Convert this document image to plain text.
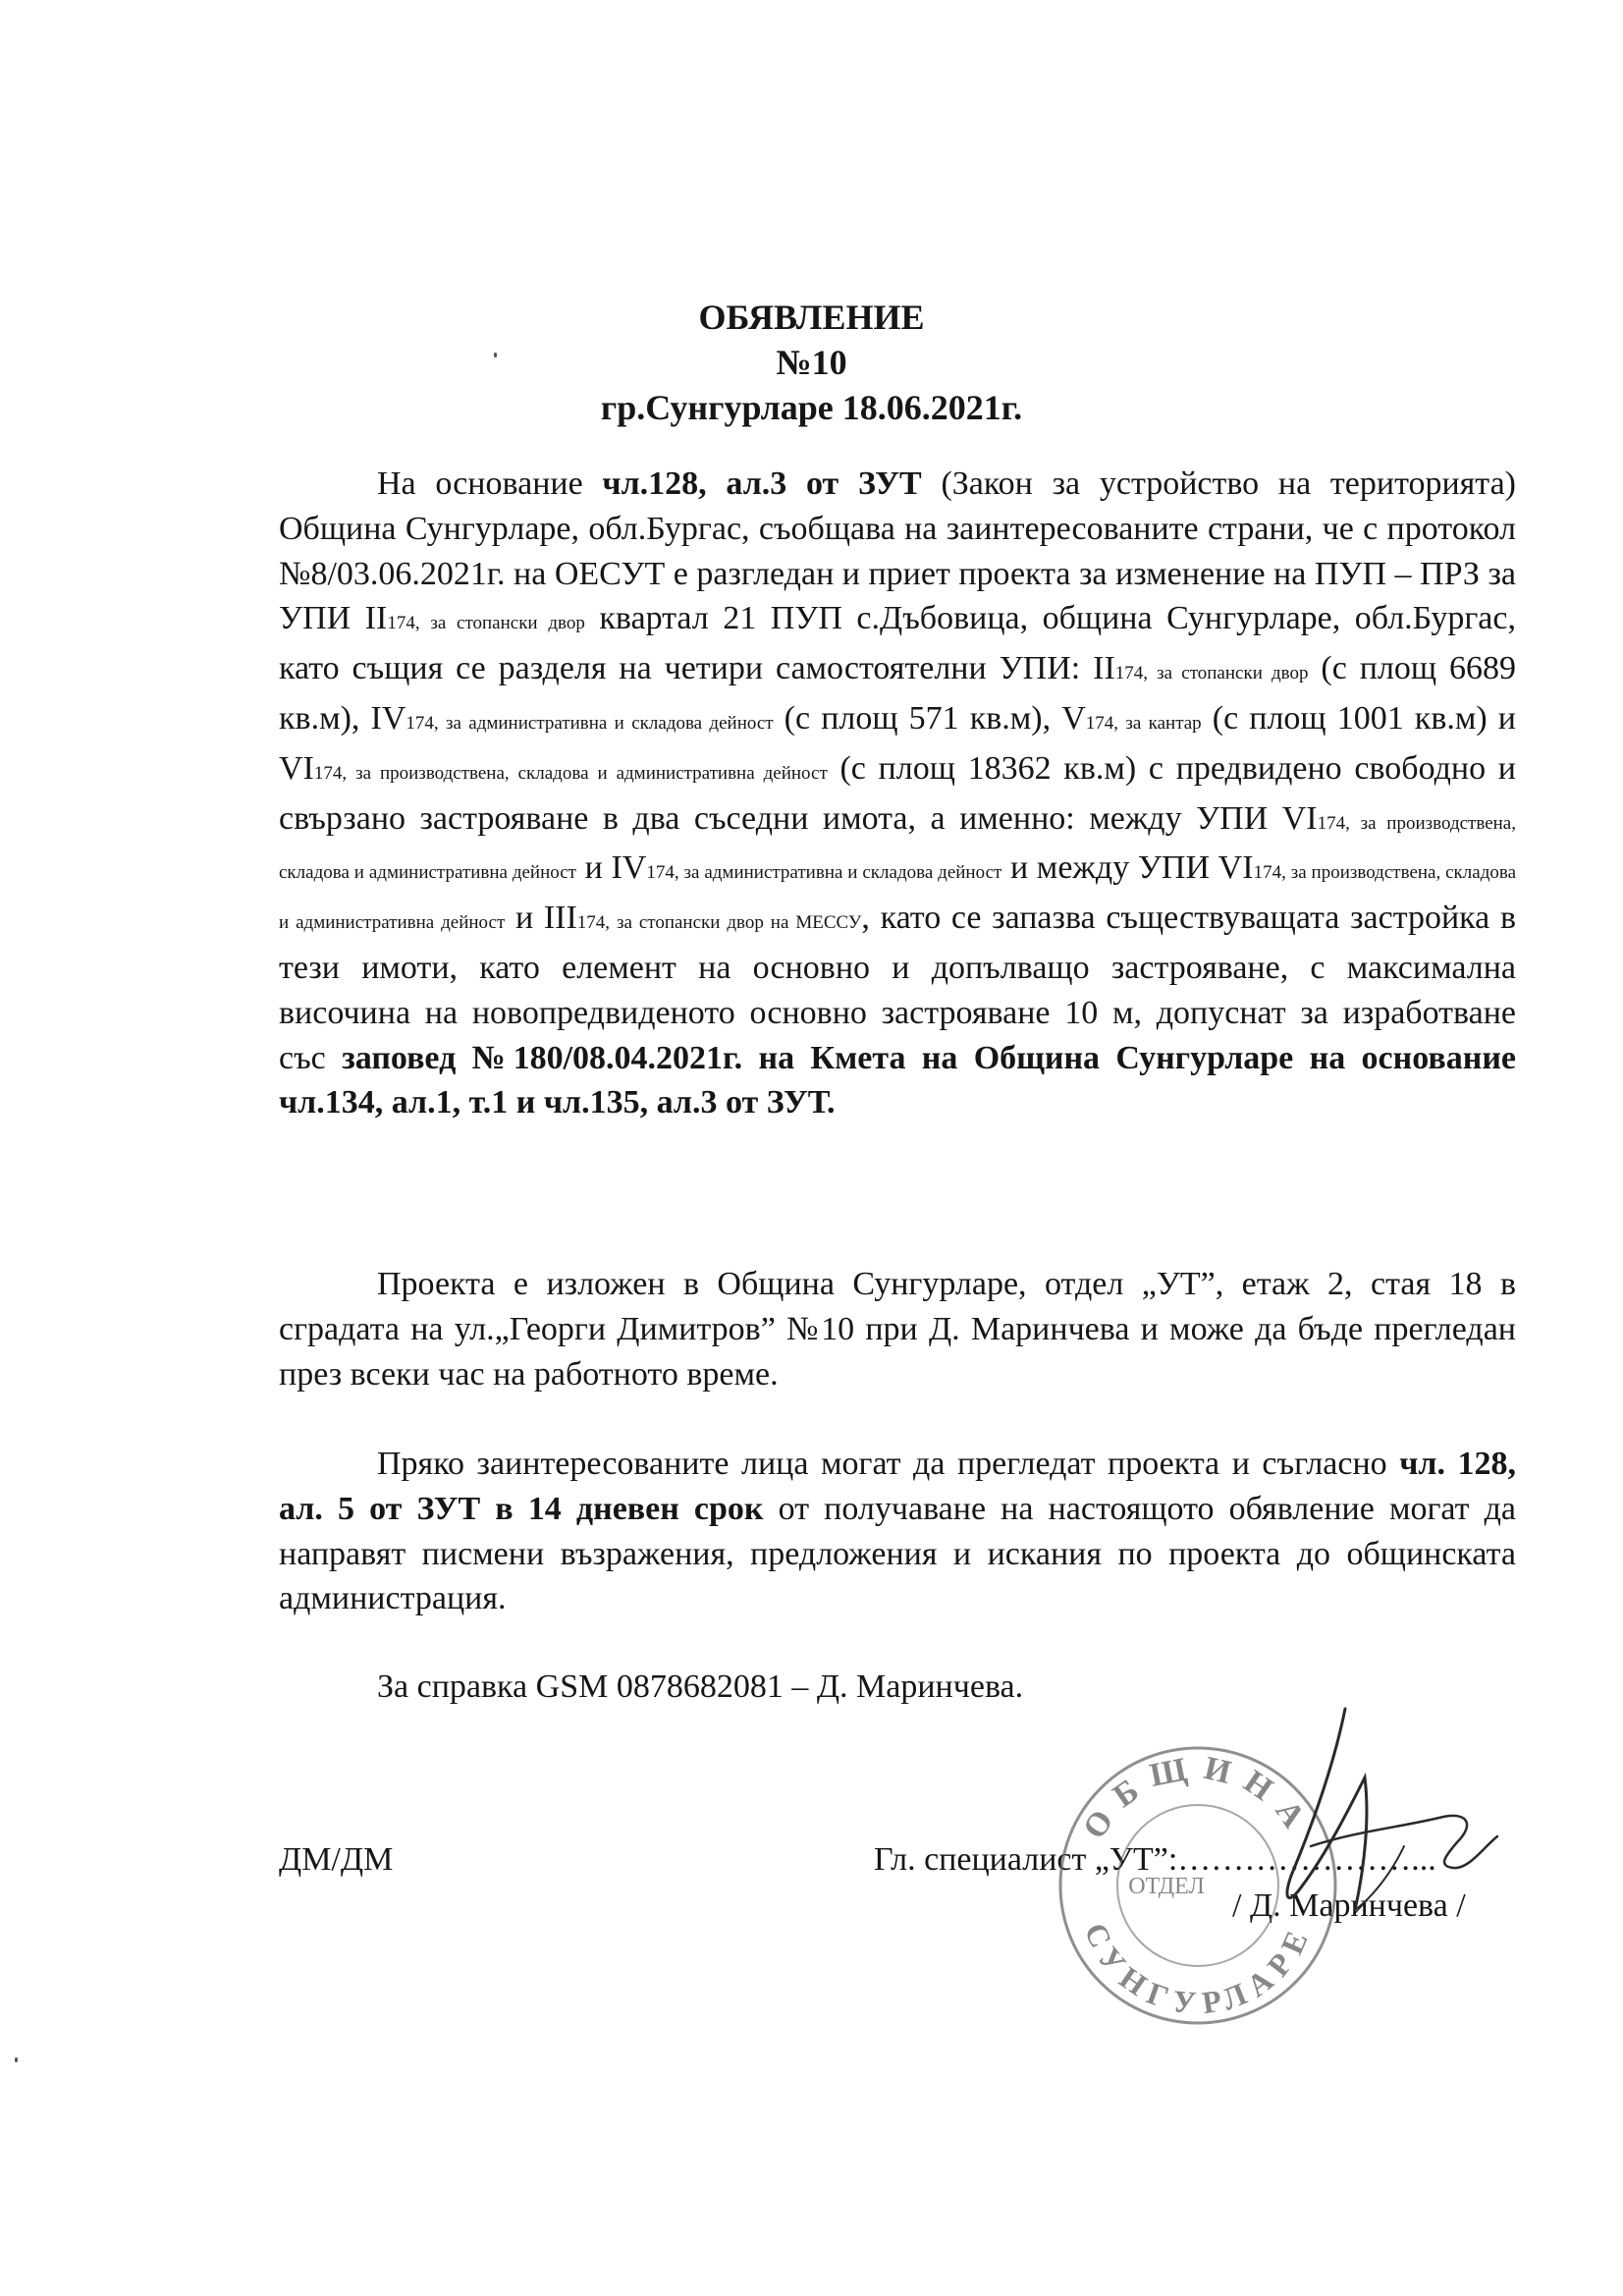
ОБЯВЛЕНИЕ
№10
гр.Сунгурларе 18.06.2021г.

На основание чл.128, ал.3 от ЗУТ (Закон за устройство на територията) Община Сунгурларе, обл.Бургас, съобщава на заинтересованите страни, че с протокол №8/03.06.2021г. на ОЕСУТ е разгледан и приет проекта за изменение на ПУП – ПРЗ за УПИ II174, за стопански двор квартал 21 ПУП с.Дъбовица, община Сунгурларе, обл.Бургас, като същия се разделя на четири самостоятелни УПИ: II174, за стопански двор (с площ 6689 кв.м), IV174, за административна и складова дейност (с площ 571 кв.м), V174, за кантар (с площ 1001 кв.м) и VI174, за производствена, складова и административна дейност (с площ 18362 кв.м) с предвидено свободно и свързано застрояване в два съседни имота, а именно: между УПИ VI174, за производствена, складова и административна дейност и IV174, за административна и складова дейност и между УПИ VI174, за производствена, складова и административна дейност и III174, за стопански двор на МЕССУ, като се запазва съществуващата застройка в тези имоти, като елемент на основно и допълващо застрояване, с максимална височина на новопредвиденото основно застрояване 10 м, допуснат за изработване със заповед №180/08.04.2021г. на Кмета на Община Сунгурларе на основание чл.134, ал.1, т.1 и чл.135, ал.3 от ЗУТ.

Проекта е изложен в Община Сунгурларе, отдел „УТ”, етаж 2, стая 18 в сградата на ул.„Георги Димитров” №10 при Д. Маринчева и може да бъде прегледан през всеки час на работното време.

Пряко заинтересованите лица могат да прегледат проекта и съгласно чл. 128, ал. 5 от ЗУТ в 14 дневен срок от получаване на настоящото обявление могат да направят писмени възражения, предложения и искания по проекта до общинската администрация.

За справка GSM 0878682081 – Д. Маринчева.

ДМ/ДМ	Гл. специалист „УТ”:…………………...
/ Д. Маринчева /
ОБЩИНА
ОТДЕЛ
СУНГУРЛАРЕ
